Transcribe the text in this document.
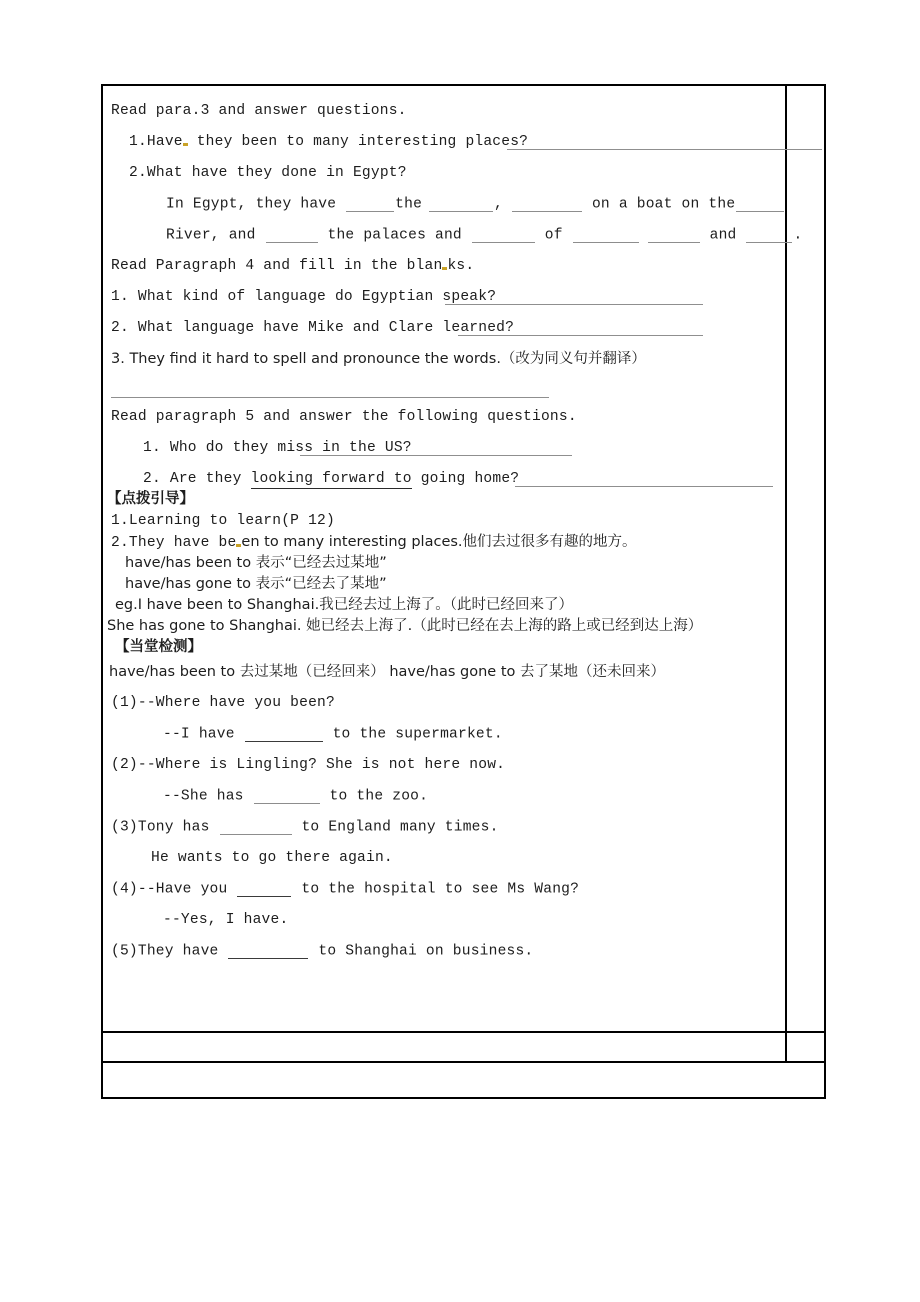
Read para.3 and answer questions.
1.Have they been to many interesting places?
2.What have they done in Egypt?
In Egypt, they have	the	,	on a boat on the
River, and	the palaces and	of	and	.
Read Paragraph 4 and fill in the blan ks.
1. What kind of language do Egyptian speak?
2. What language have Mike and Clare learned?
3. They find it hard to spell and pronounce the words.（改为同义句并翻译）
Read paragraph 5 and answer the following questions.
1. Who do they miss in the US?
2. Are they looking forward to going home?
【点拨引导】
1.Learning to learn(P 12)
2.They have be en to many interesting places.他们去过很多有趣的地方。
have/has been to 表示“已经去过某地”
have/has gone to 表示“已经去了某地”
eg.I have been to Shanghai.我已经去过上海了。（此时已经回来了）
She has gone to Shanghai. 她已经去上海了.（此时已经在去上海的路上或已经到达上海）
【当堂检测】
have/has been to 去过某地（已经回来） have/has gone to 去了某地（还未回来）
(1)--Where have you been?
--I have	to the supermarket.
(2)--Where is Lingling? She is not here now.
--She has	to the zoo.
(3)Tony has	to England many times.
He wants to go there again.
(4)--Have you	to the hospital to see Ms Wang?
--Yes, I have.
(5)They have	to Shanghai on business.
